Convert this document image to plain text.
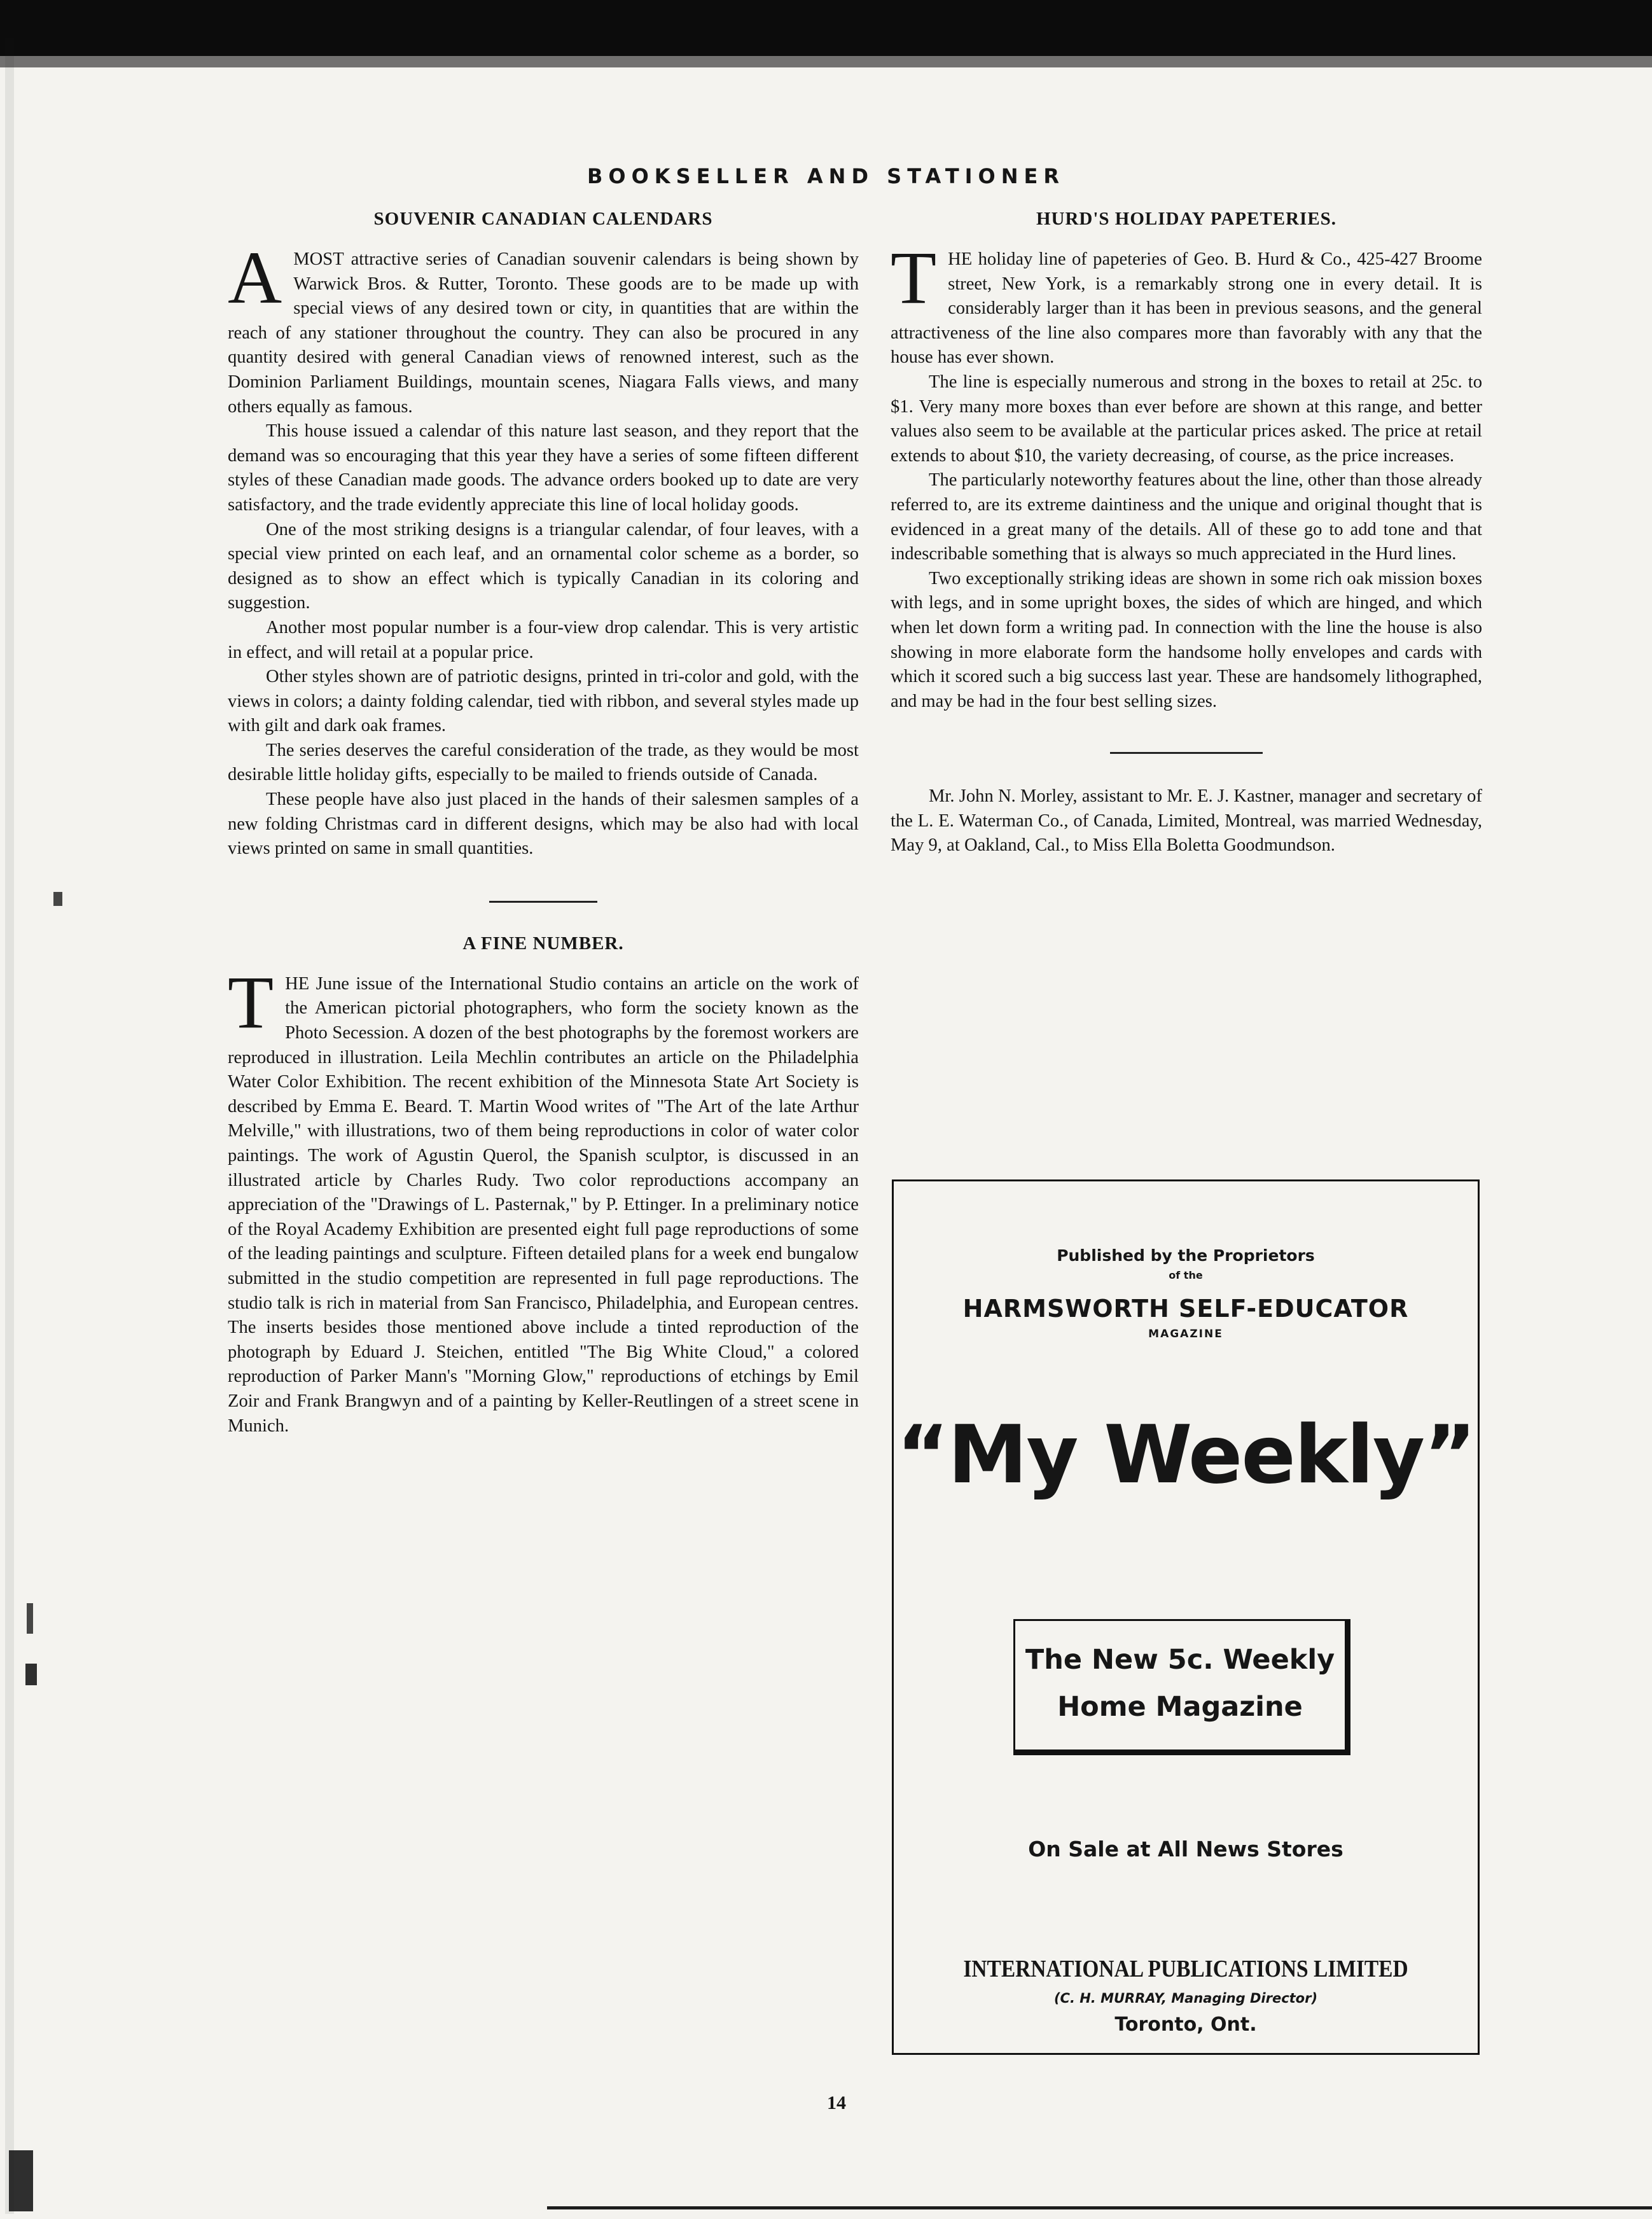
BOOKSELLER AND STATIONER
SOUVENIR CANADIAN CALENDARS

AMOST attractive series of Canadian souvenir calendars is being shown by Warwick Bros. & Rutter, Toronto. These goods are to be made up with special views of any desired town or city, in quantities that are within the reach of any stationer throughout the country. They can also be procured in any quantity desired with general Canadian views of renowned interest, such as the Dominion Parliament Buildings, mountain scenes, Niagara Falls views, and many others equally as famous.

This house issued a calendar of this nature last season, and they report that the demand was so encouraging that this year they have a series of some fifteen different styles of these Canadian made goods. The advance orders booked up to date are very satisfactory, and the trade evidently appreciate this line of local holiday goods.

One of the most striking designs is a triangular calendar, of four leaves, with a special view printed on each leaf, and an ornamental color scheme as a border, so designed as to show an effect which is typically Canadian in its coloring and suggestion.

Another most popular number is a four-view drop calendar. This is very artistic in effect, and will retail at a popular price.

Other styles shown are of patriotic designs, printed in tri-color and gold, with the views in colors; a dainty folding calendar, tied with ribbon, and several styles made up with gilt and dark oak frames.

The series deserves the careful consideration of the trade, as they would be most desirable little holiday gifts, especially to be mailed to friends outside of Canada.

These people have also just placed in the hands of their salesmen samples of a new folding Christmas card in different designs, which may be also had with local views printed on same in small quantities.

A FINE NUMBER.

THE June issue of the International Studio contains an article on the work of the American pictorial photographers, who form the society known as the Photo Secession. A dozen of the best photographs by the foremost workers are reproduced in illustration. Leila Mechlin contributes an article on the Philadelphia Water Color Exhibition. The recent exhibition of the Minnesota State Art Society is described by Emma E. Beard. T. Martin Wood writes of "The Art of the late Arthur Melville," with illustrations, two of them being reproductions in color of water color paintings. The work of Agustin Querol, the Spanish sculptor, is discussed in an illustrated article by Charles Rudy. Two color reproductions accompany an appreciation of the "Drawings of L. Pasternak," by P. Ettinger. In a preliminary notice of the Royal Academy Exhibition are presented eight full page reproductions of some of the leading paintings and sculpture. Fifteen detailed plans for a week end bungalow submitted in the studio competition are represented in full page reproductions. The studio talk is rich in material from San Francisco, Philadelphia, and European centres. The inserts besides those mentioned above include a tinted reproduction of the photograph by Eduard J. Steichen, entitled "The Big White Cloud," a colored reproduction of Parker Mann's "Morning Glow," reproductions of etchings by Emil Zoir and Frank Brangwyn and of a painting by Keller-Reutlingen of a street scene in Munich.

HURD'S HOLIDAY PAPETERIES.

THE holiday line of papeteries of Geo. B. Hurd & Co., 425-427 Broome street, New York, is a remarkably strong one in every detail. It is considerably larger than it has been in previous seasons, and the general attractiveness of the line also compares more than favorably with any that the house has ever shown.

The line is especially numerous and strong in the boxes to retail at 25c. to $1. Very many more boxes than ever before are shown at this range, and better values also seem to be available at the particular prices asked. The price at retail extends to about $10, the variety decreasing, of course, as the price increases.

The particularly noteworthy features about the line, other than those already referred to, are its extreme daintiness and the unique and original thought that is evidenced in a great many of the details. All of these go to add tone and that indescribable something that is always so much appreciated in the Hurd lines.

Two exceptionally striking ideas are shown in some rich oak mission boxes with legs, and in some upright boxes, the sides of which are hinged, and which when let down form a writing pad. In connection with the line the house is also showing in more elaborate form the handsome holly envelopes and cards with which it scored such a big success last year. These are handsomely lithographed, and may be had in the four best selling sizes.

Mr. John N. Morley, assistant to Mr. E. J. Kastner, manager and secretary of the L. E. Waterman Co., of Canada, Limited, Montreal, was married Wednesday, May 9, at Oakland, Cal., to Miss Ella Boletta Goodmundson.

Published by the Proprietors
of the
HARMSWORTH SELF-EDUCATOR
MAGAZINE
“My Weekly”
The New 5c. Weekly
Home Magazine
On Sale at All News Stores
INTERNATIONAL PUBLICATIONS LIMITED
(C. H. MURRAY, Managing Director)
Toronto, Ont.
14
